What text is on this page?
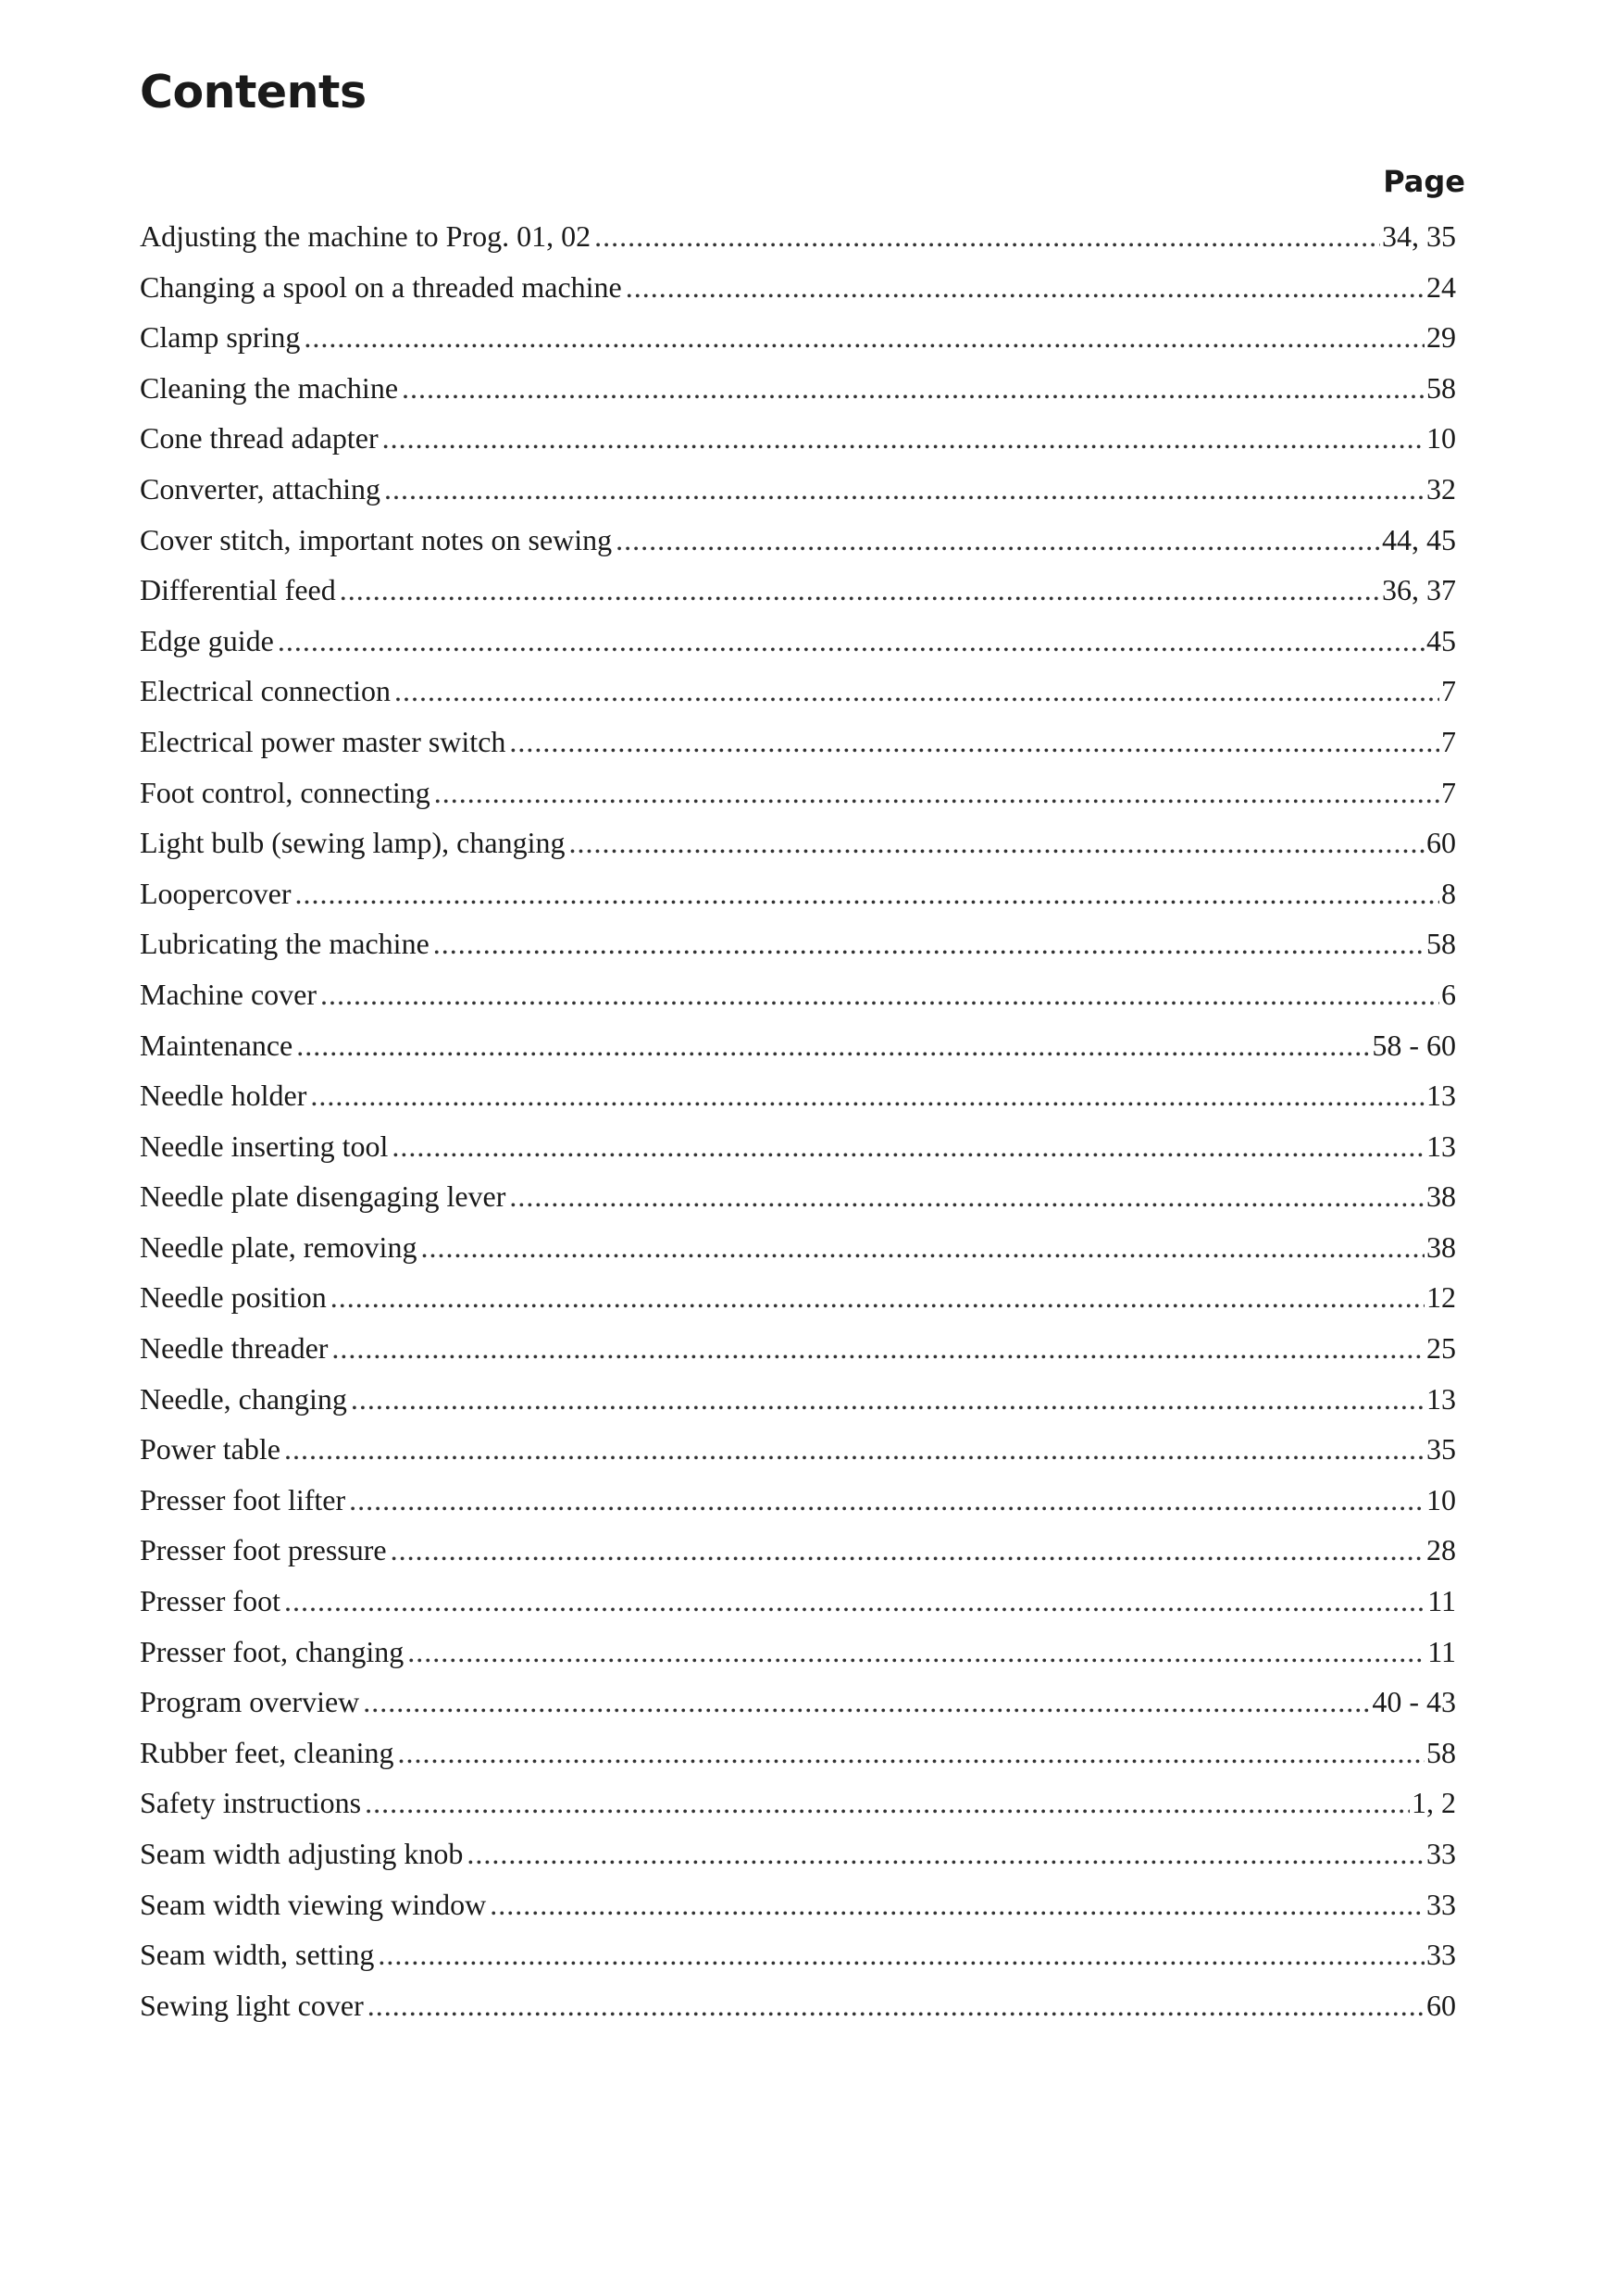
Contents
Page
Adjusting the machine to Prog. 01, 02 .....	34, 35
Changing a spool on a threaded machine .....	24
Clamp spring .....	29
Cleaning the machine .....	58
Cone thread adapter .....	10
Converter, attaching .....	32
Cover stitch, important notes on sewing .....	44, 45
Differential feed .....	36, 37
Edge guide .....	45
Electrical connection .....	7
Electrical power master switch .....	7
Foot control, connecting .....	7
Light bulb (sewing lamp), changing .....	60
Loopercover .....	8
Lubricating the machine .....	58
Machine cover .....	6
Maintenance .....	58 - 60
Needle holder .....	13
Needle inserting tool .....	13
Needle plate disengaging lever .....	38
Needle plate, removing .....	38
Needle position .....	12
Needle threader .....	25
Needle, changing .....	13
Power table .....	35
Presser foot lifter .....	10
Presser foot pressure .....	28
Presser foot .....	11
Presser foot, changing .....	11
Program overview .....	40 - 43
Rubber feet, cleaning .....	58
Safety instructions .....	1, 2
Seam width adjusting knob .....	33
Seam width viewing window .....	33
Seam width, setting .....	33
Sewing light cover .....	60
